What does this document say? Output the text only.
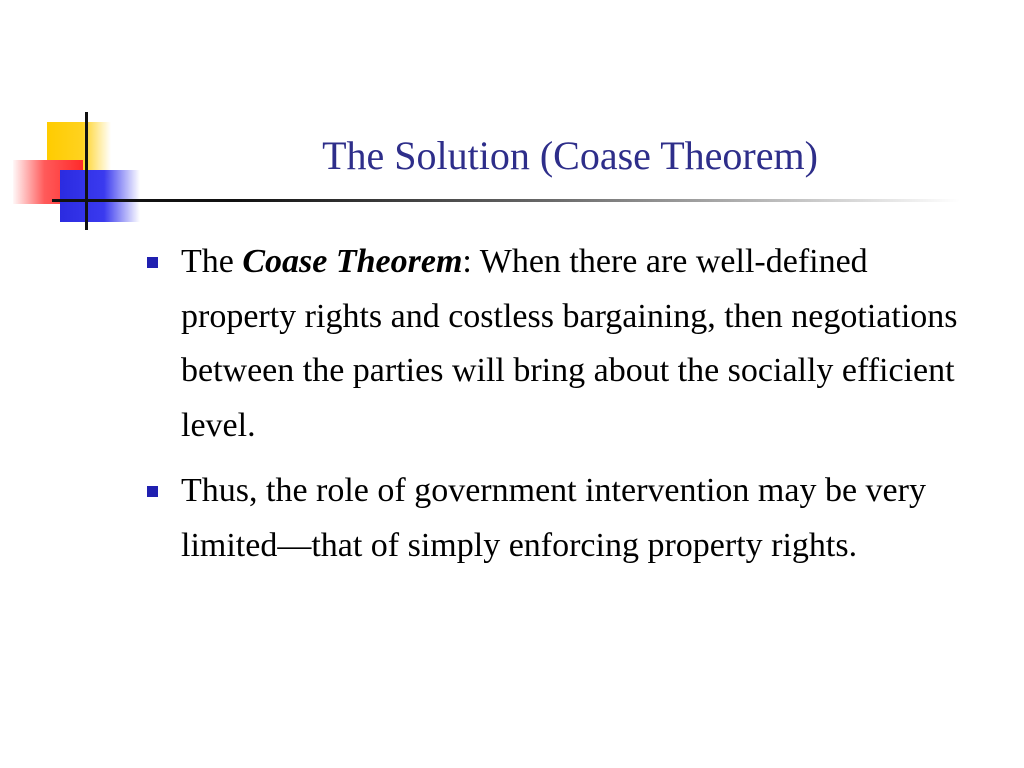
The Solution (Coase Theorem)
The Coase Theorem: When there are well-defined property rights and costless bargaining, then negotiations between the parties will bring about the socially efficient level.
Thus, the role of government intervention may be very limited—that of simply enforcing property rights.
